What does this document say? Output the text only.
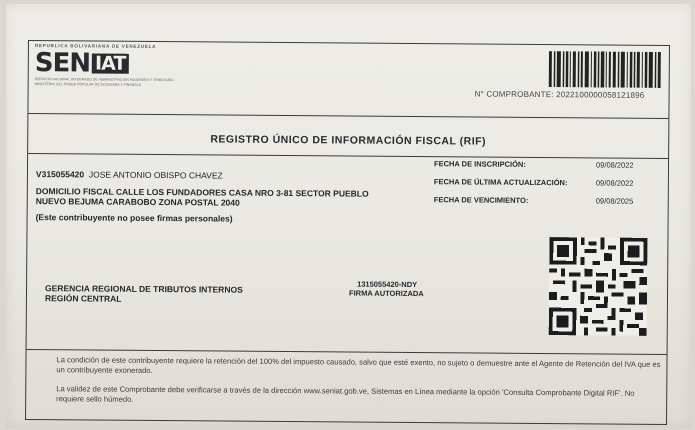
REPUBLICA BOLIVARIANA DE VENEZUELA
SEN IAT
SERVICIO NACIONAL INTEGRADO DE ADMINISTRACION ADUANERA Y TRIBUTARIA
MINISTERIO DEL PODER POPULAR DE ECONOMIA Y FINANZAS
N° COMPROBANTE: 2022100000058121896
REGISTRO ÚNICO DE INFORMACIÓN FISCAL (RIF)
V315055420 JOSE ANTONIO OBISPO CHAVEZ
DOMICILIO FISCAL CALLE LOS FUNDADORES CASA NRO 3-81 SECTOR PUEBLO
NUEVO BEJUMA CARABOBO ZONA POSTAL 2040
(Este contribuyente no posee firmas personales)
FECHA DE INSCRIPCIÓN:	09/08/2022
FECHA DE ÚLTIMA ACTUALIZACIÓN:	09/08/2022
FECHA DE VENCIMIENTO:	09/08/2025
GERENCIA REGIONAL DE TRIBUTOS INTERNOS
REGIÓN CENTRAL
1315055420-NDY
FIRMA AUTORIZADA
La condición de este contribuyente requiere la retención del 100% del impuesto causado, salvo que esté exento, no sujeto o demuestre ante el Agente de Retención del IVA que es un contribuyente exonerado.
La validez de este Comprobante debe verificarse a través de la dirección www.seniat.gob.ve, Sistemas en Línea mediante la opción 'Consulta Comprobante Digital RIF'. No requiere sello húmedo.
